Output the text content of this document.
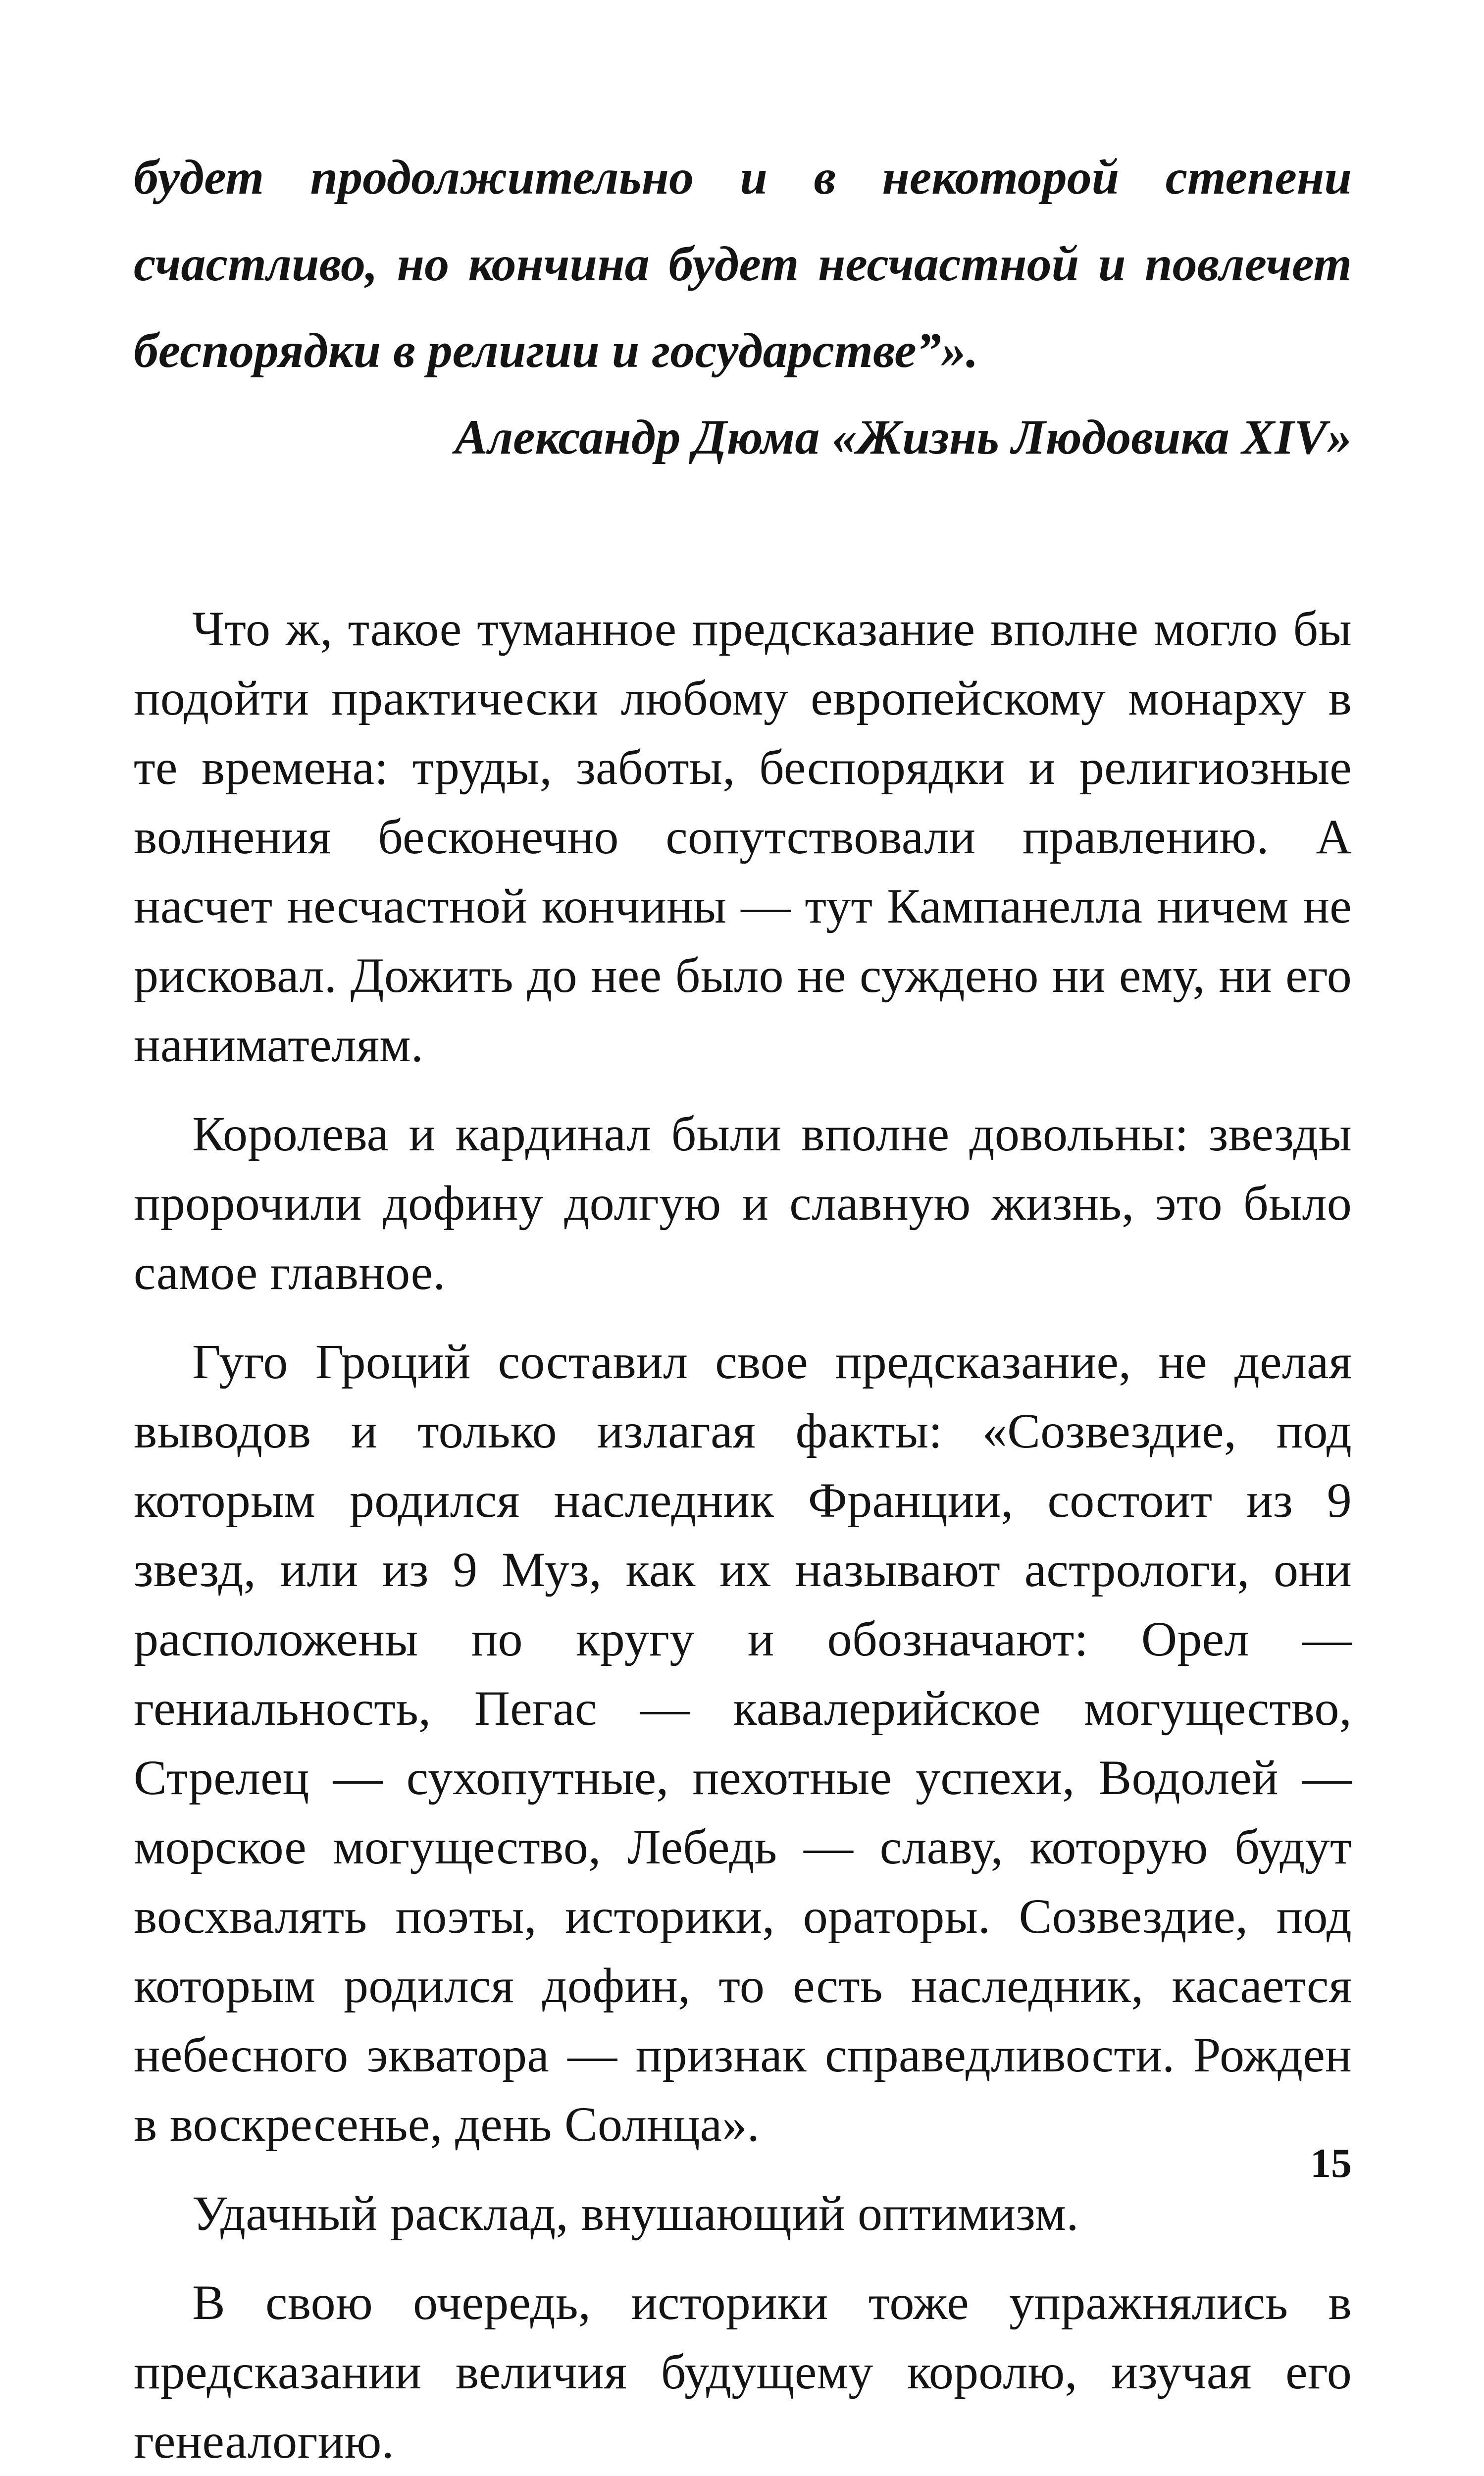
будет продолжительно и в некоторой степени счастливо, но кончина будет несчастной и повлечет беспорядки в религии и государстве”».

Александр Дюма «Жизнь Людовика XIV»

Что ж, такое туманное предсказание вполне могло бы подойти практически любому европейскому монарху в те времена: труды, заботы, беспорядки и религиозные волнения бесконечно сопутствовали правлению. А насчет несчастной кончины — тут Кампанелла ничем не рисковал. Дожить до нее было не суждено ни ему, ни его нанимателям.

Королева и кардинал были вполне довольны: звезды пророчили дофину долгую и славную жизнь, это было самое главное.

Гуго Гроций составил свое предсказание, не делая выводов и только излагая факты: «Созвездие, под которым родился наследник Франции, состоит из 9 звезд, или из 9 Муз, как их называют астрологи, они расположены по кругу и обозначают: Орел — гениальность, Пегас — кавалерийское могущество, Стрелец — сухопутные, пехотные успехи, Водолей — морское могущество, Лебедь — славу, которую будут восхвалять поэты, историки, ораторы. Созвездие, под которым родился дофин, то есть наследник, касается небесного экватора — признак справедливости. Рожден в воскресенье, день Солнца».

Удачный расклад, внушающий оптимизм.

В свою очередь, историки тоже упражнялись в предсказании величия будущему королю, изучая его генеалогию.

15
